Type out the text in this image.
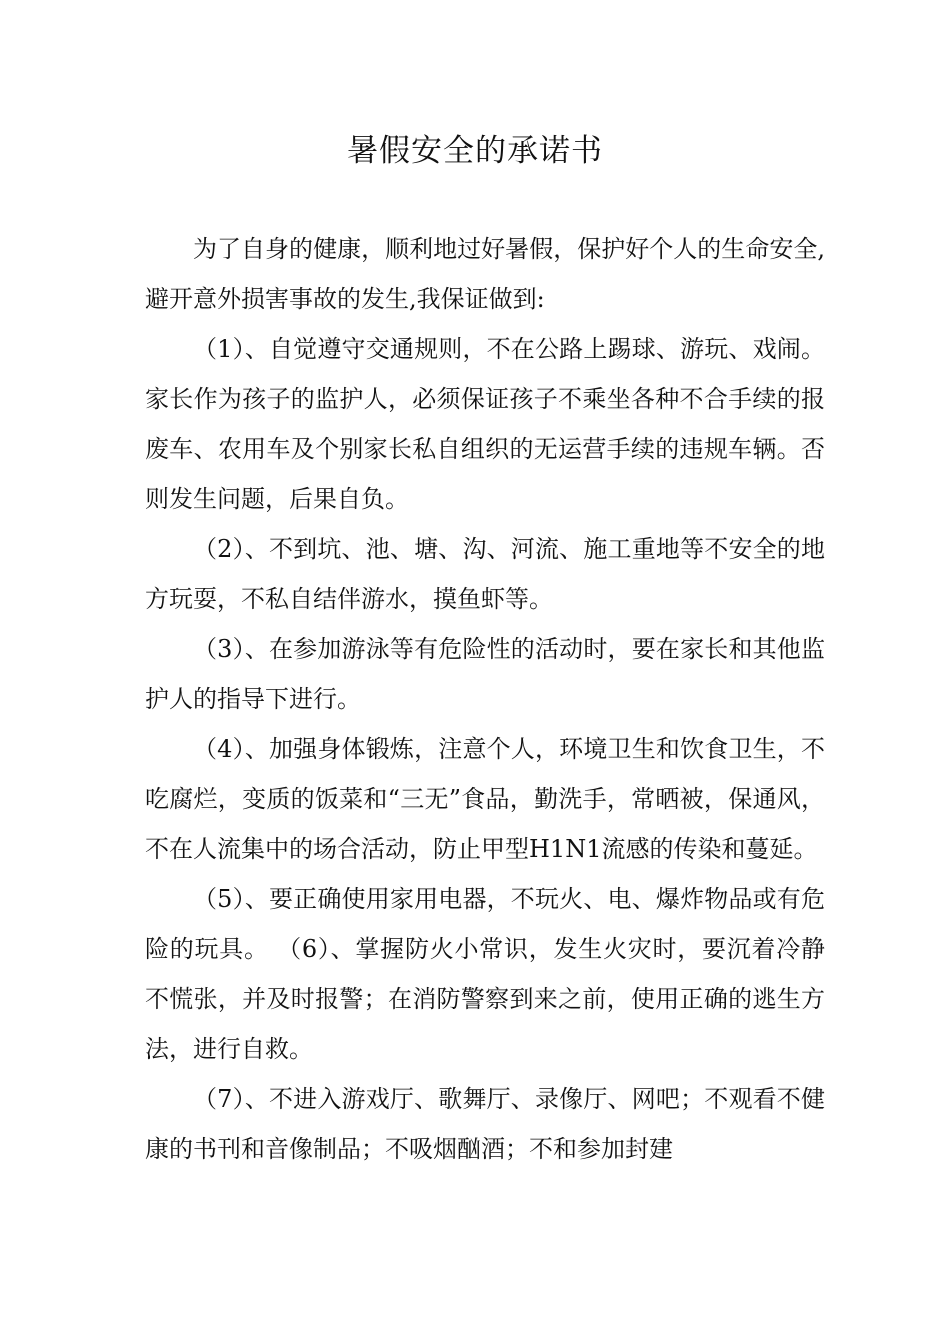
暑假安全的承诺书

为了自身的健康，顺利地过好暑假，保护好个人的生命安全,避开意外损害事故的发生,我保证做到:

（1）、自觉遵守交通规则，不在公路上踢球、游玩、戏闹。家长作为孩子的监护人，必须保证孩子不乘坐各种不合手续的报废车、农用车及个别家长私自组织的无运营手续的违规车辆。否则发生问题，后果自负。

（2）、不到坑、池、塘、沟、河流、施工重地等不安全的地方玩耍，不私自结伴游水，摸鱼虾等。

（3）、在参加游泳等有危险性的活动时，要在家长和其他监护人的指导下进行。

（4）、加强身体锻炼，注意个人，环境卫生和饮食卫生，不吃腐烂，变质的饭菜和“三无”食品，勤洗手，常晒被，保通风，不在人流集中的场合活动，防止甲型H1N1流感的传染和蔓延。

（5）、要正确使用家用电器，不玩火、电、爆炸物品或有危险的玩具。 （6）、掌握防火小常识，发生火灾时，要沉着冷静不慌张，并及时报警；在消防警察到来之前，使用正确的逃生方法，进行自救。

（7）、不进入游戏厅、歌舞厅、录像厅、网吧；不观看不健康的书刊和音像制品；不吸烟酗酒；不和参加封建
